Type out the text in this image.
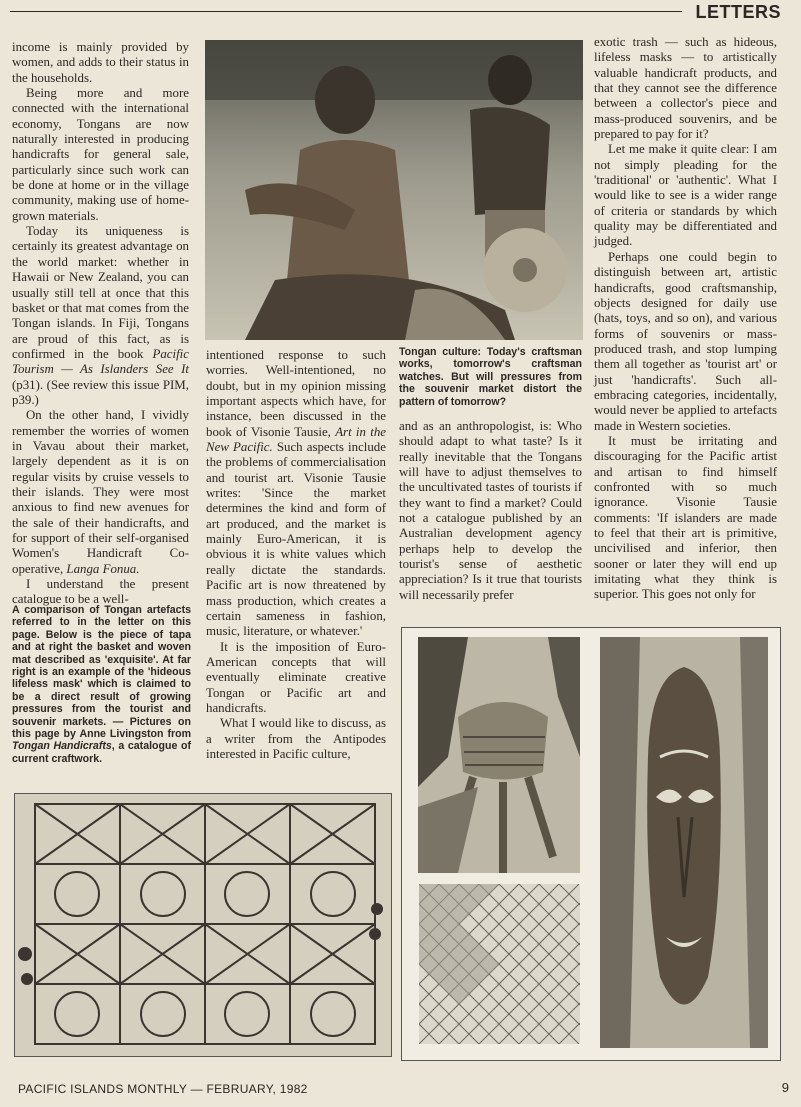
LETTERS

income is mainly provided by women, and adds to their status in the households.

Being more and more connected with the international economy, Tongans are now naturally interested in producing handicrafts for general sale, particularly since such work can be done at home or in the village community, making use of home-grown materials.

Today its uniqueness is certainly its greatest advantage on the world market: whether in Hawaii or New Zealand, you can usually still tell at once that this basket or that mat comes from the Tongan islands. In Fiji, Tongans are proud of this fact, as is confirmed in the book Pacific Tourism — As Islanders See It (p31). (See review this issue PIM, p39.)

On the other hand, I vividly remember the worries of women in Vavau about their market, largely dependent as it is on regular visits by cruise vessels to their islands. They were most anxious to find new avenues for the sale of their handicrafts, and for support of their self-organised Women's Handicraft Co-operative, Langa Fonua.

I understand the present catalogue to be a well-

Tongan culture: Today's craftsman works, tomorrow's craftsman watches. But will pressures from the souvenir market distort the pattern of tomorrow?

intentioned response to such worries. Well-intentioned, no doubt, but in my opinion missing important aspects which have, for instance, been discussed in the book of Visonie Tausie, Art in the New Pacific. Such aspects include the problems of commercialisation and tourist art. Visonie Tausie writes: 'Since the market determines the kind and form of art produced, and the market is mainly Euro-American, it is obvious it is white values which really dictate the standards. Pacific art is now threatened by mass production, which creates a certain sameness in fashion, music, literature, or whatever.'

It is the imposition of Euro-American concepts that will eventually eliminate creative Tongan or Pacific art and handicrafts.

What I would like to discuss, as a writer from the Antipodes interested in Pacific culture,

and as an anthropologist, is: Who should adapt to what taste? Is it really inevitable that the Tongans will have to adjust themselves to the uncultivated tastes of tourists if they want to find a market? Could not a catalogue published by an Australian development agency perhaps help to develop the tourist's sense of aesthetic appreciation? Is it true that tourists will necessarily prefer

exotic trash — such as hideous, lifeless masks — to artistically valuable handicraft products, and that they cannot see the difference between a collector's piece and mass-produced souvenirs, and be prepared to pay for it?

Let me make it quite clear: I am not simply pleading for the 'traditional' or 'authentic'. What I would like to see is a wider range of criteria or standards by which quality may be differentiated and judged.

Perhaps one could begin to distinguish between art, artistic handicrafts, good craftsmanship, objects designed for daily use (hats, toys, and so on), and various forms of souvenirs or mass-produced trash, and stop lumping them all together as 'tourist art' or just 'handicrafts'. Such all-embracing categories, incidentally, would never be applied to artefacts made in Western societies.

It must be irritating and discouraging for the Pacific artist and artisan to find himself confronted with so much ignorance. Visonie Tausie comments: 'If islanders are made to feel that their art is primitive, uncivilised and inferior, then sooner or later they will end up imitating what they think is superior. This goes not only for

A comparison of Tongan artefacts referred to in the letter on this page. Below is the piece of tapa and at right the basket and woven mat described as 'exquisite'. At far right is an example of the 'hideous lifeless mask' which is claimed to be a direct result of growing pressures from the tourist and souvenir markets. — Pictures on this page by Anne Livingston from Tongan Handicrafts, a catalogue of current craftwork.
PACIFIC ISLANDS MONTHLY — FEBRUARY, 1982	9
